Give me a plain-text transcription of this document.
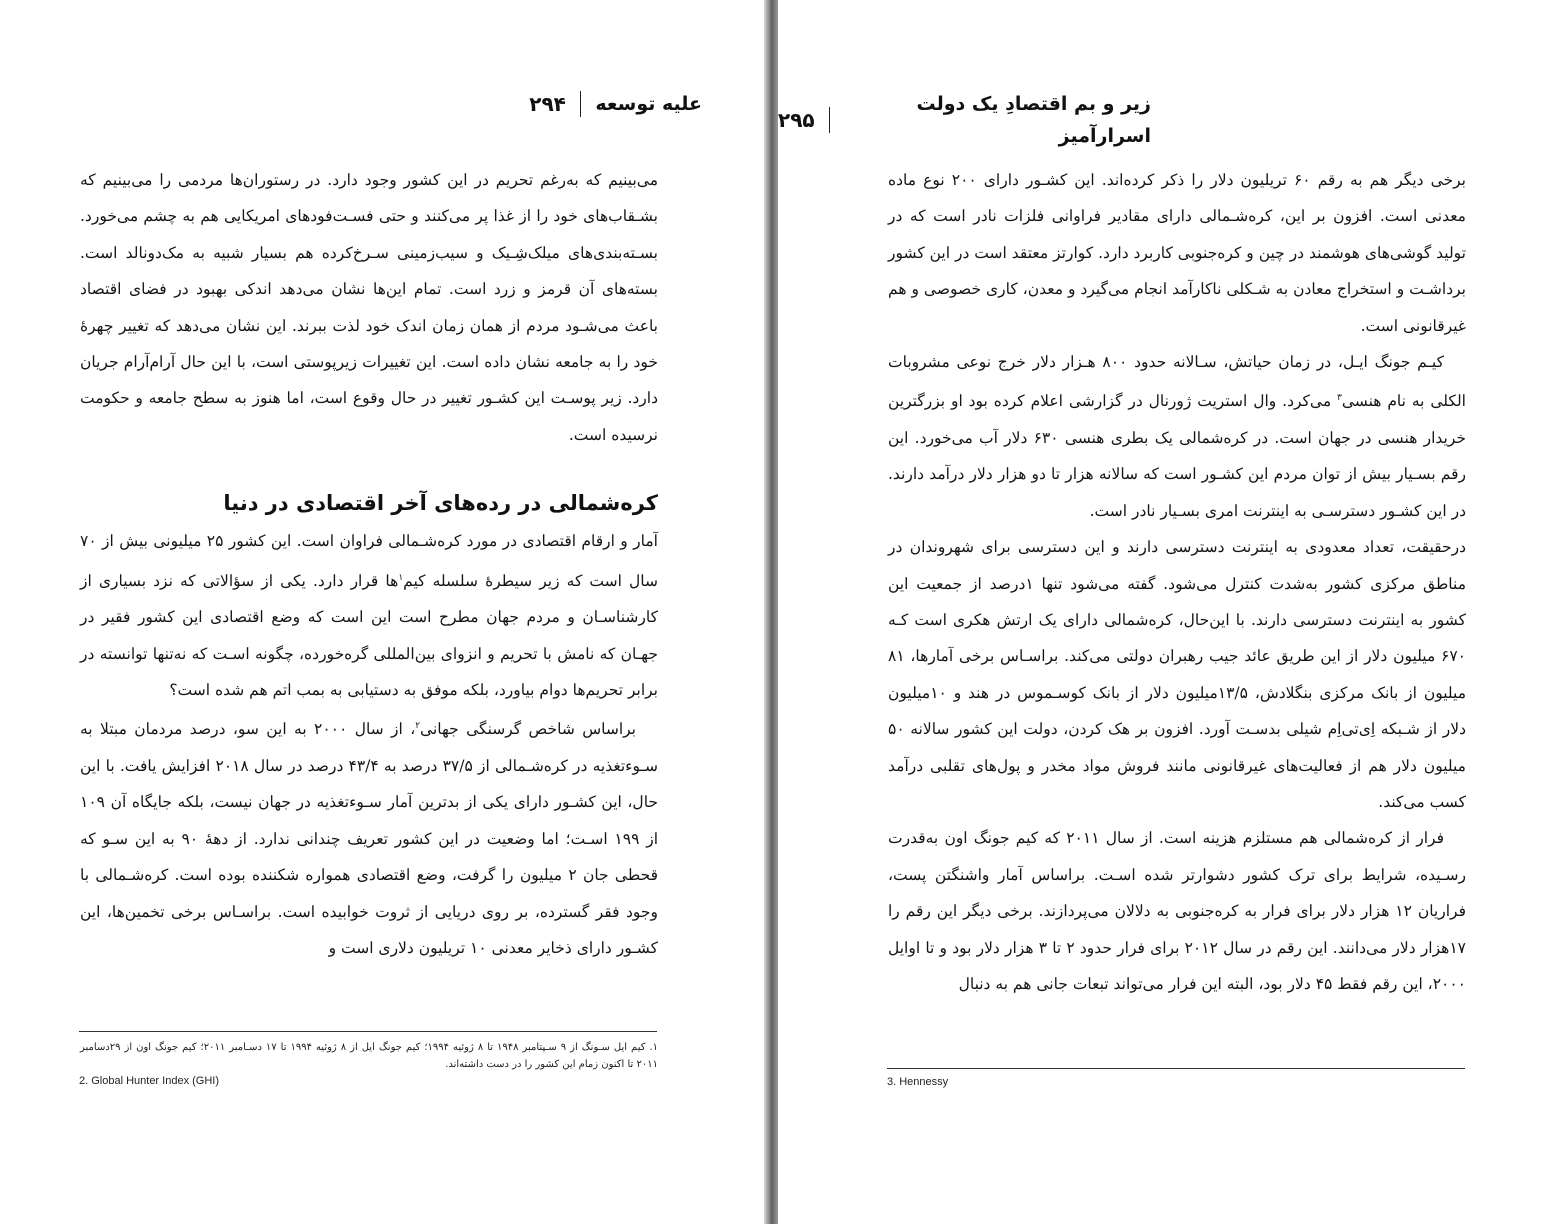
علیه توسعه
۲۹۴

می‌بینیم که به‌رغم تحریم در این کشور وجود دارد. در رستوران‌ها مردمی را می‌بینیم که بشـقاب‌های خود را از غذا پر می‌کنند و حتی فسـت‌فودهای امریکایی هم به چشم می‌خورد. بسـته‌بندی‌های میلک‌شِـیک و سیب‌زمینی سـرخ‌کرده هم بسیار شبیه به مک‌دونالد است. بسته‌های آن قرمز و زرد است. تمام این‌ها نشان می‌دهد اندکی بهبود در فضای اقتصاد باعث می‌شـود مردم از همان زمان اندک خود لذت ببرند. این نشان می‌دهد که تغییر چهرۀ خود را به جامعه نشان داده است. این تغییرات زیرپوستی است، با این حال آرام‌آرام جریان دارد. زیر پوسـت این کشـور تغییر در حال وقوع است، اما هنوز به سطح جامعه و حکومت نرسیده است.

کره‌شمالی در رده‌های آخر اقتصادی در دنیا

آمار و ارقام اقتصادی در مورد کره‌شـمالی فراوان است. این کشور ۲۵ میلیونی بیش از ۷۰ سال است که زیر سیطرۀ سلسله کیم$^۱$‌ها قرار دارد. یکی از سؤالاتی که نزد بسیاری از کارشناسـان و مردم جهان مطرح است این است که وضع اقتصادی این کشور فقیر در جهـان که نامش با تحریم و انزوای بین‌المللی گره‌خورده، چگونه اسـت که نه‌تنها توانسته در برابر تحریم‌ها دوام بیاورد، بلکه موفق به دستیابی به بمب اتم هم شده است؟

براساس شاخص گرسنگی جهانی$^۲$، از سال ۲۰۰۰ به این سو، درصد مردمان مبتلا به سـوء‌تغذیه در کره‌شـمالی از ۳۷/۵ درصد به ۴۳/۴ درصد در سال ۲۰۱۸ افزایش یافت. با این حال، این کشـور دارای یکی از بدترین آمار سـوء‌تغذیه در جهان نیست، بلکه جایگاه آن ۱۰۹ از ۱۹۹ اسـت؛ اما وضعیت در این کشور تعریف چندانی ندارد. از دهۀ ۹۰ به این سـو که قحطی جان ۲ میلیون را گرفت، وضع اقتصادی همواره شکننده بوده است. کره‌شـمالی با وجود فقر گسترده، بر روی دریایی از ثروت خوابیده است. براسـاس برخی تخمین‌ها، این کشـور دارای ذخایر معدنی ۱۰ تریلیون دلاری است و

۱. کیم ایل سـونگ از ۹ سـپتامبر ۱۹۴۸ تا ۸ ژوئیه ۱۹۹۴؛ کیم جونگ ایل از ۸ ژوئیه ۱۹۹۴ تا ۱۷ دسـامبر ۲۰۱۱؛ کیم جونگ اون از ۲۹دسامبر ۲۰۱۱ تا اکنون زمام این کشور را در دست داشته‌اند.
2. Global Hunter Index (GHI)
زیر و بم اقتصادِ یک دولت اسرارآمیز
۲۹۵

برخی دیگر هم به رقم ۶۰ تریلیون دلار را ذکر کرده‌اند. این کشـور دارای ۲۰۰ نوع ماده معدنی است. افزون بر این، کره‌شـمالی دارای مقادیر فراوانی فلزات نادر است که در تولید گوشی‌های هوشمند در چین و کره‌جنوبی کاربرد دارد. کوارتز معتقد است در این کشور برداشـت و استخراج معادن به شـکلی ناکارآمد انجام می‌گیرد و معدن، کاری خصوصی و هم غیرقانونی است.

کیـم جونگ ایـل، در زمان حیاتش، سـالانه حدود ۸۰۰ هـزار دلار خرج نوعی مشروبات الکلی به نام هنسی$^۳$ می‌کرد. وال استریت ژورنال در گزارشی اعلام کرده بود او بزرگترین خریدار هنسی در جهان است. در کره‌شمالی یک بطری هنسی ۶۳۰ دلار آب می‌خورد. این رقم بسـیار بیش از توان مردم این کشـور است که سالانه هزار تا دو هزار دلار درآمد دارند. در این کشـور دسترسـی به اینترنت امری بسـیار نادر است.

درحقیقت، تعداد معدودی به اینترنت دسترسی دارند و این دسترسی برای شهروندان در مناطق مرکزی کشور به‌شدت کنترل می‌شود. گفته می‌شود تنها ۱درصد از جمعیت این کشور به اینترنت دسترسی دارند. با این‌حال، کره‌شمالی دارای یک ارتش هکری است کـه ۶۷۰ میلیون دلار از این طریق عائد جیب رهبران دولتی می‌کند. براسـاس برخی آمارها، ۸۱ میلیون از بانک مرکزی بنگلادش، ۱۳/۵میلیون دلار از بانک کوسـموس در هند و ۱۰میلیون دلار از شـبکه اِی‌تی‌اِم شیلی بدسـت آورد. افزون بر هک کردن، دولت این کشور سالانه ۵۰ میلیون دلار هم از فعالیت‌های غیرقانونی مانند فروش مواد مخدر و پول‌های تقلبی درآمد کسب می‌کند.

فرار از کره‌شمالی هم مستلزم هزینه است. از سال ۲۰۱۱ که کیم جونگ اون به‌قدرت رسـیده، شرایط برای ترک کشور دشوارتر شده اسـت. براساس آمار واشنگتن پست، فراریان ۱۲ هزار دلار برای فرار به کره‌جنوبی به دلالان می‌پردازند. برخی دیگر این رقم را ۱۷هزار دلار می‌دانند. این رقم در سال ۲۰۱۲ برای فرار حدود ۲ تا ۳ هزار دلار بود و تا اوایل ۲۰۰۰، این رقم فقط ۴۵ دلار بود، البته این فرار می‌تواند تبعات جانی هم به دنبال

3. Hennessy
